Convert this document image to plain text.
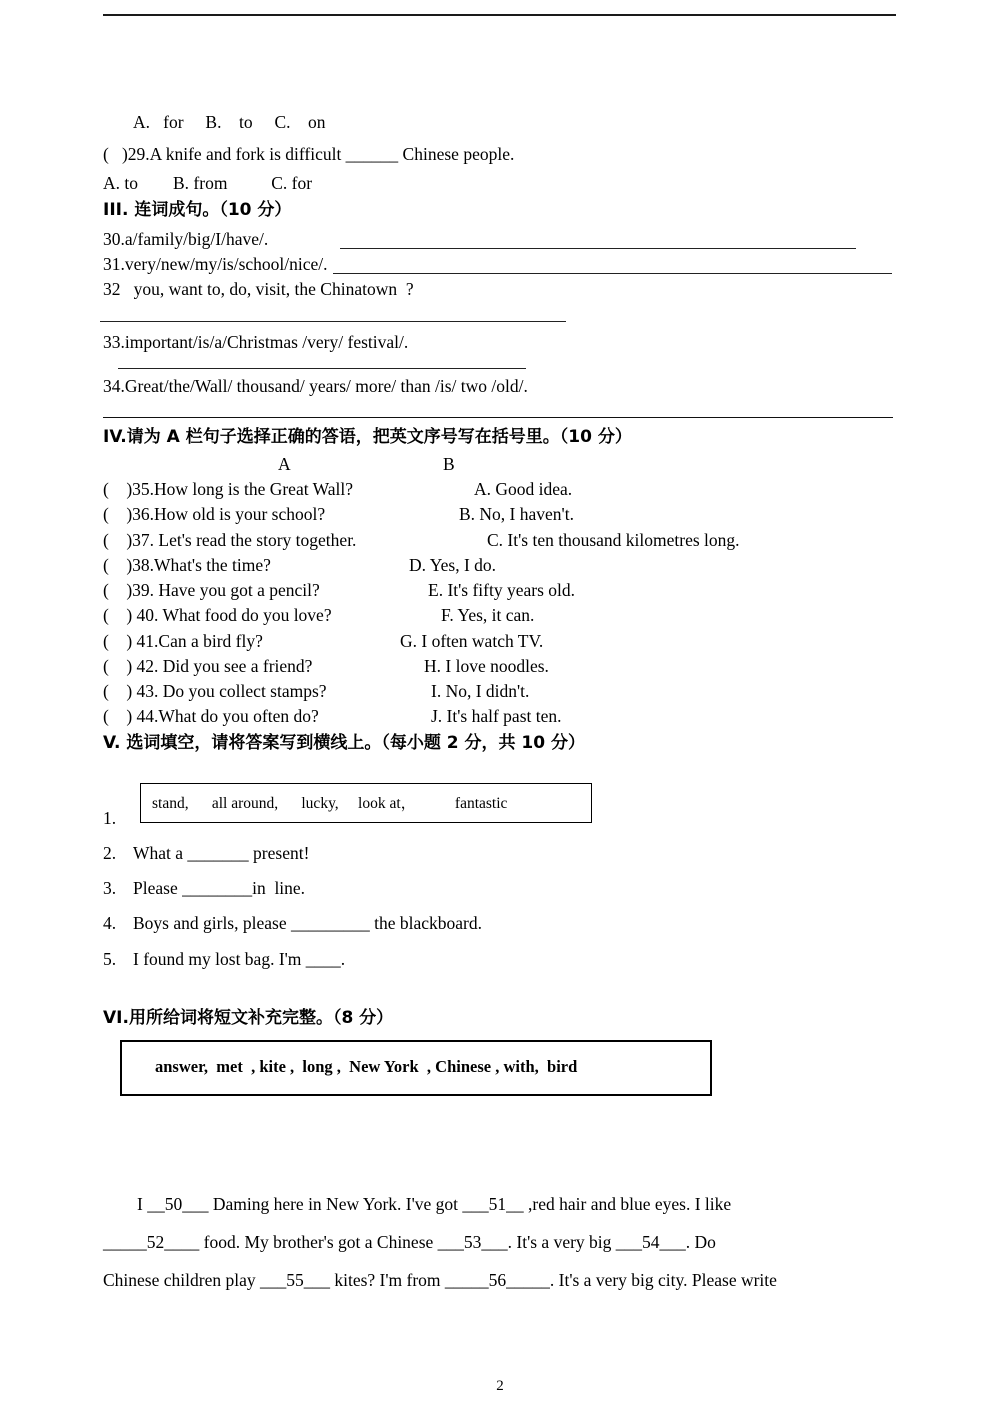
A.   for     B.    to     C.    on
(   )29.A knife and fork is difficult ______ Chinese people.
A. to        B. from          C. for
III. 连词成句。（10 分）
30.a/family/big/I/have/.
31.very/new/my/is/school/nice/.
32   you, want to, do, visit, the Chinatown  ?
33.important/is/a/Christmas /very/ festival/.
34.Great/the/Wall/ thousand/ years/ more/ than /is/ two /old/.
IV.请为 A 栏句子选择正确的答语，把英文序号写在括号里。（10 分）
A	B
(    )35.How long is the Great Wall?
(    )36.How old is your school?
(    )37. Let's read the story together.
(    )38.What's the time?
(    )39. Have you got a pencil?
(    ) 40. What food do you love?
(    ) 41.Can a bird fly?
(    ) 42. Did you see a friend?
(    ) 43. Do you collect stamps?
(    ) 44.What do you often do?
A. Good idea.
B. No, I haven't.
C. It's ten thousand kilometres long.
D. Yes, I do.
E. It's fifty years old.
F. Yes, it can.
G. I often watch TV.
H. I love noodles.
I. No, I didn't.
J. It's half past ten.
V. 选词填空，请将答案写到横线上。（每小题 2 分，共 10 分）
stand,      all around,      lucky,     look at，          fantastic
1.
2. What a _______ present!
3. Please ________in  line.
4. Boys and girls, please _________ the blackboard.
5. I found my lost bag. I'm ____.
VI.用所给词将短文补充完整。（8 分）
answer,  met  , kite ,  long ,  New York  , Chinese , with,  bird
I __50___ Daming here in New York. I've got ___51__ ,red hair and blue eyes. I like
_____52____ food. My brother's got a Chinese ___53___. It's a very big ___54___. Do
Chinese children play ___55___ kites? I'm from _____56_____. It's a very big city. Please write
2
